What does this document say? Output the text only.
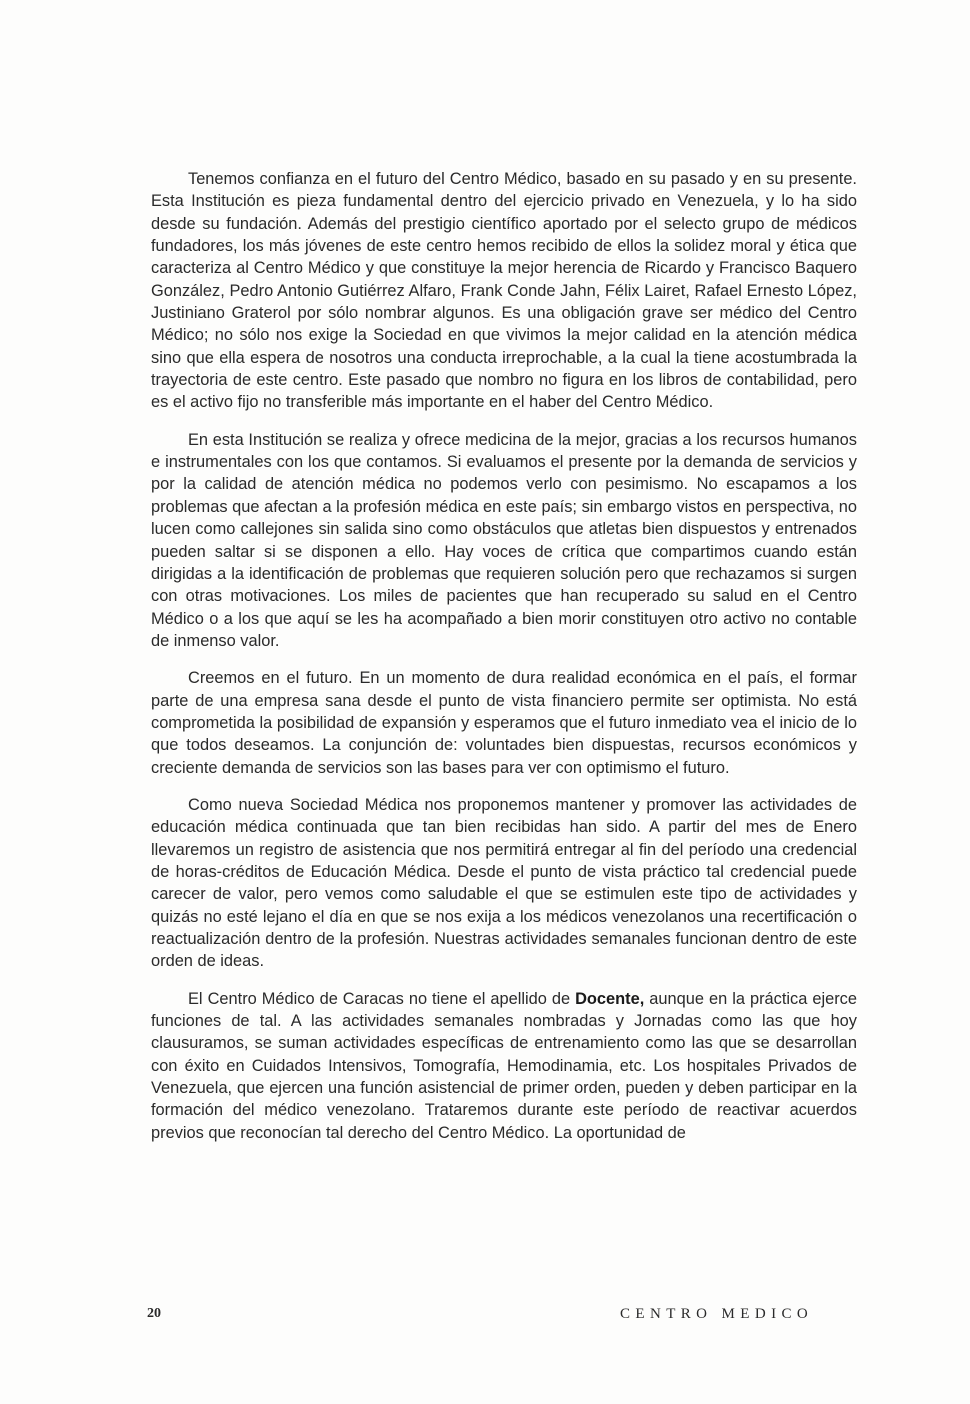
Tenemos confianza en el futuro del Centro Médico, basado en su pasado y en su presente. Esta Institución es pieza fundamental dentro del ejercicio privado en Venezuela, y lo ha sido desde su fundación. Además del prestigio científico aportado por el selecto grupo de médicos fundadores, los más jóvenes de este centro hemos recibido de ellos la solidez moral y ética que caracteriza al Centro Médico y que constituye la mejor herencia de Ricardo y Francisco Baquero González, Pedro Antonio Gutiérrez Alfaro, Frank Conde Jahn, Félix Lairet, Rafael Ernesto López, Justiniano Graterol por sólo nombrar algunos. Es una obligación grave ser médico del Centro Médico; no sólo nos exige la Sociedad en que vivimos la mejor calidad en la atención médica sino que ella espera de nosotros una conducta irreprochable, a la cual la tiene acostumbrada la trayectoria de este centro. Este pasado que nombro no figura en los libros de contabilidad, pero es el activo fijo no transferible más importante en el haber del Centro Médico.

En esta Institución se realiza y ofrece medicina de la mejor, gracias a los recursos humanos e instrumentales con los que contamos. Si evaluamos el presente por la demanda de servicios y por la calidad de atención médica no podemos verlo con pesimismo. No escapamos a los problemas que afectan a la profesión médica en este país; sin embargo vistos en perspectiva, no lucen como callejones sin salida sino como obstáculos que atletas bien dispuestos y entrenados pueden saltar si se disponen a ello. Hay voces de crítica que compartimos cuando están dirigidas a la identificación de problemas que requieren solución pero que rechazamos si surgen con otras motivaciones. Los miles de pacientes que han recuperado su salud en el Centro Médico o a los que aquí se les ha acompañado a bien morir constituyen otro activo no contable de inmenso valor.

Creemos en el futuro. En un momento de dura realidad económica en el país, el formar parte de una empresa sana desde el punto de vista financiero permite ser optimista. No está comprometida la posibilidad de expansión y esperamos que el futuro inmediato vea el inicio de lo que todos deseamos. La conjunción de: voluntades bien dispuestas, recursos económicos y creciente demanda de servicios son las bases para ver con optimismo el futuro.

Como nueva Sociedad Médica nos proponemos mantener y promover las actividades de educación médica continuada que tan bien recibidas han sido. A partir del mes de Enero llevaremos un registro de asistencia que nos permitirá entregar al fin del período una credencial de horas-créditos de Educación Médica. Desde el punto de vista práctico tal credencial puede carecer de valor, pero vemos como saludable el que se estimulen este tipo de actividades y quizás no esté lejano el día en que se nos exija a los médicos venezolanos una recertificación o reactualización dentro de la profesión. Nuestras actividades semanales funcionan dentro de este orden de ideas.

El Centro Médico de Caracas no tiene el apellido de Docente, aunque en la práctica ejerce funciones de tal. A las actividades semanales nombradas y Jornadas como las que hoy clausuramos, se suman actividades específicas de entrenamiento como las que se desarrollan con éxito en Cuidados Intensivos, Tomografía, Hemodinamia, etc. Los hospitales Privados de Venezuela, que ejercen una función asistencial de primer orden, pueden y deben participar en la formación del médico venezolano. Trataremos durante este período de reactivar acuerdos previos que reconocían tal derecho del Centro Médico. La oportunidad de

20	CENTRO MEDICO
